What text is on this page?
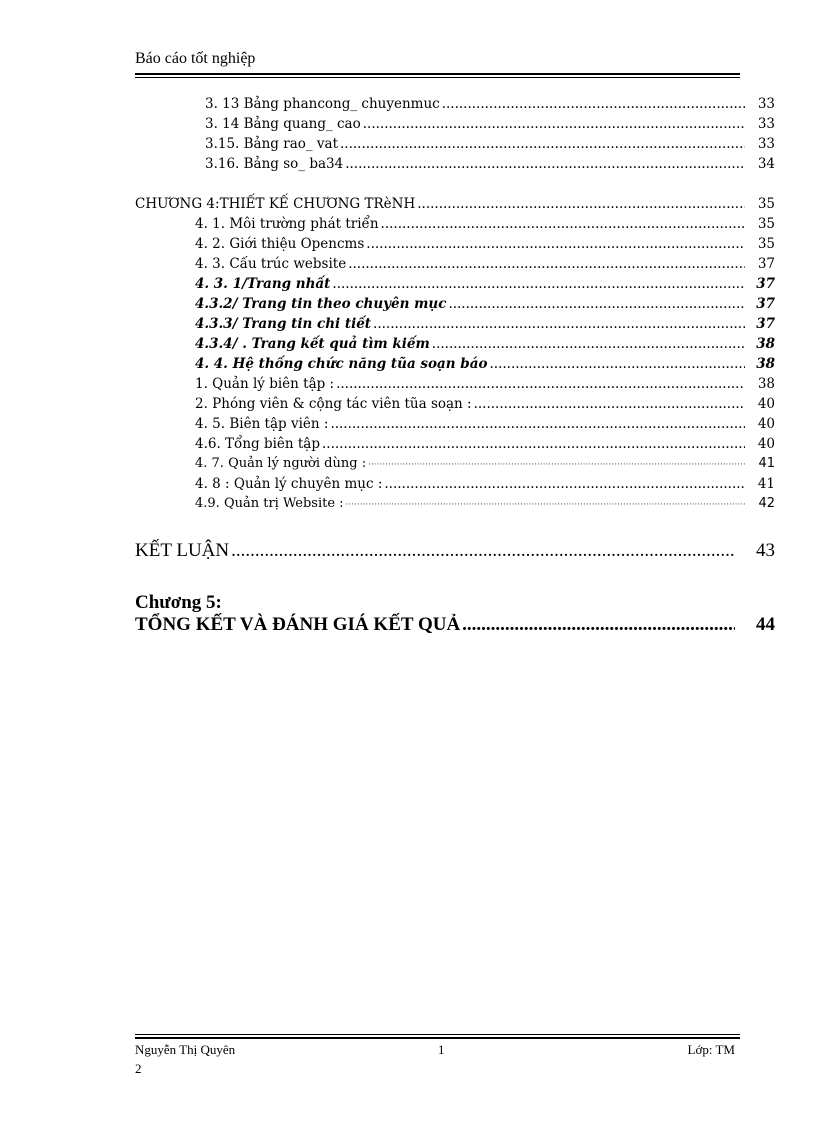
Báo cáo tốt nghiệp
3. 13 Bảng phancong_ chuyenmuc .....	33
3. 14 Bảng quang_ cao .....	33
3.15. Bảng rao_ vat .....	33
3.16. Bảng so_ ba34 .....	34
CHƯƠNG 4:THIẾT KẾ CHƯƠNG TRèNH .....	35
4. 1. Môi trường phát triển .....	35
4. 2. Giới thiệu Opencms .....	35
4. 3. Cấu trúc website .....	37
4. 3. 1/Trang nhất .....	37
4.3.2/ Trang tin theo chuyên mục .....	37
4.3.3/ Trang tin chi tiết .....	37
4.3.4/ . Trang kết quả tìm kiếm .....	38
4. 4. Hệ thống chức năng tũa soạn báo .....	38
1. Quản lý biên tập : .....	38
2. Phóng viên & cộng tác viên tũa soạn : .....	40
4. 5. Biên tập viên : .....	40
4.6. Tổng biên tập .....	40
4. 7. Quản lý người dùng : ·····	41
4. 8 : Quản lý chuyên mục : .....	41
4.9. Quản trị Website : ·····	42
KẾT LUẬN .....	43
Chương 5:
TỔNG KẾT VÀ ĐÁNH GIÁ KẾT QUẢ .....	44
Nguyễn Thị Quyên	1	Lớp: TM
2
